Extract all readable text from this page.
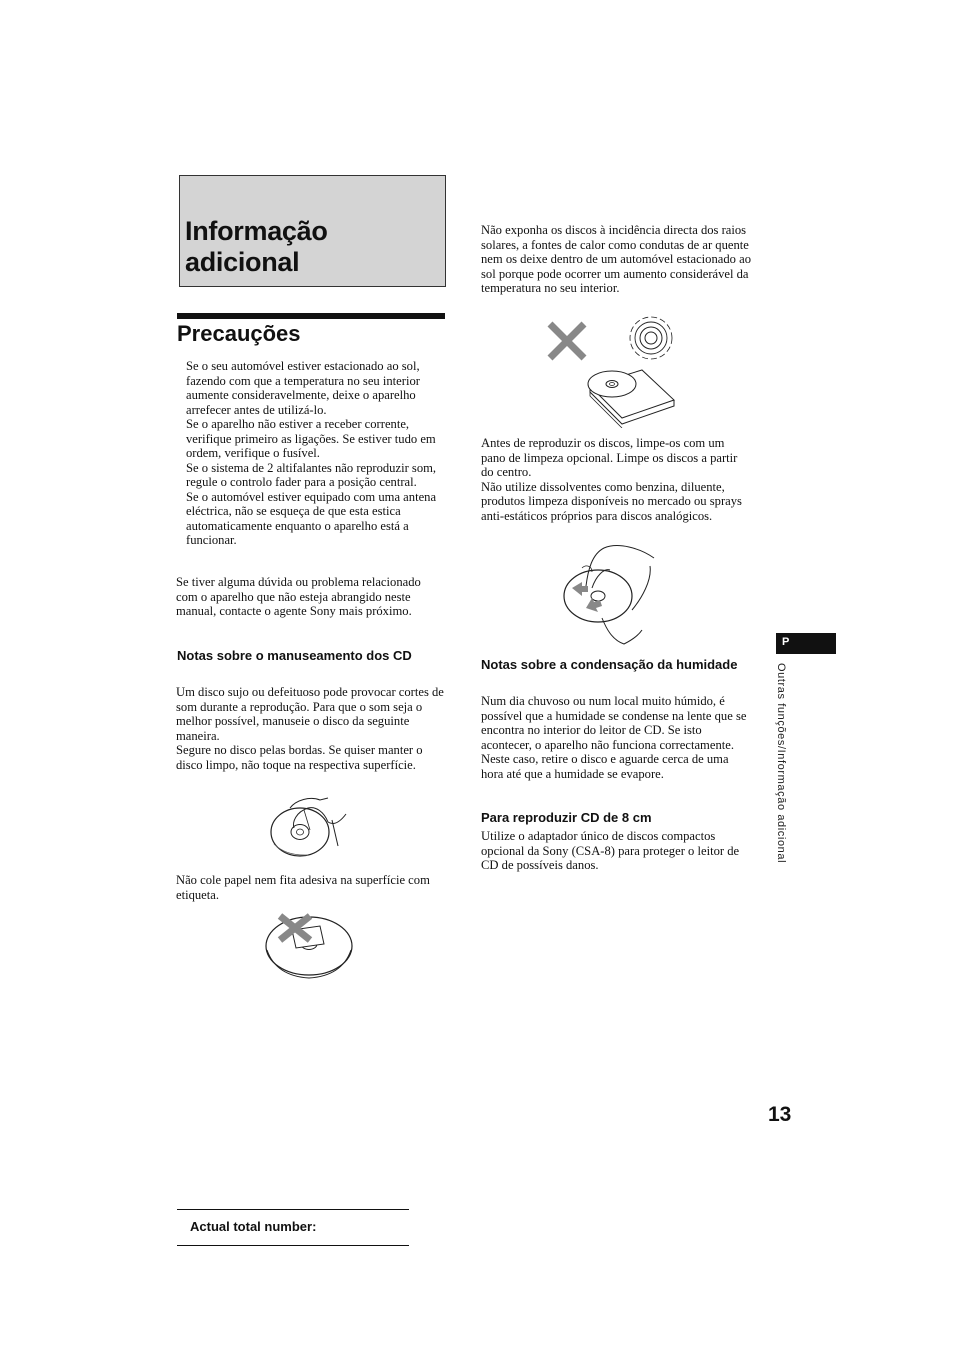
Informação adicional
Precauções

Se o seu automóvel estiver estacionado ao sol, fazendo com que a temperatura no seu interior aumente consideravelmente, deixe o aparelho arrefecer antes de utilizá-lo.

Se o aparelho não estiver a receber corrente, verifique primeiro as ligações. Se estiver tudo em ordem, verifique o fusível.

Se o sistema de 2 altifalantes não reproduzir som, regule o controlo fader para a posição central.

Se o automóvel estiver equipado com uma antena eléctrica, não se esqueça de que esta estica automaticamente enquanto o aparelho está a funcionar.

Se tiver alguma dúvida ou problema relacionado com o aparelho que não esteja abrangido neste manual, contacte o agente Sony mais próximo.

Notas sobre o manuseamento dos CD

Um disco sujo ou defeituoso pode provocar cortes de som durante a reprodução. Para que o som seja o melhor possível, manuseie o disco da seguinte maneira.

Segure no disco pelas bordas. Se quiser manter o disco limpo, não toque na respectiva superfície.

Não cole papel nem fita adesiva na superfície com etiqueta.

Não exponha os discos à incidência directa dos raios solares, a fontes de calor como condutas de ar quente nem os deixe dentro de um automóvel estacionado ao sol porque pode ocorrer um aumento considerável da temperatura no seu interior.

Antes de reproduzir os discos, limpe-os com um pano de limpeza opcional. Limpe os discos a partir do centro.

Não utilize dissolventes como benzina, diluente, produtos limpeza disponíveis no mercado ou sprays anti-estáticos próprios para discos analógicos.

Notas sobre a condensação da humidade

Num dia chuvoso ou num local muito húmido, é possível que a humidade se condense na lente que se encontra no interior do leitor de CD. Se isto acontecer, o aparelho não funciona correctamente. Neste caso, retire o disco e aguarde cerca de uma hora até que a humidade se evapore.

Para reproduzir CD de 8 cm

Utilize o adaptador único de discos compactos opcional da Sony (CSA-8) para proteger o leitor de CD de possíveis danos.

P
Outras funções/Informação adicional
13
Actual total number:
